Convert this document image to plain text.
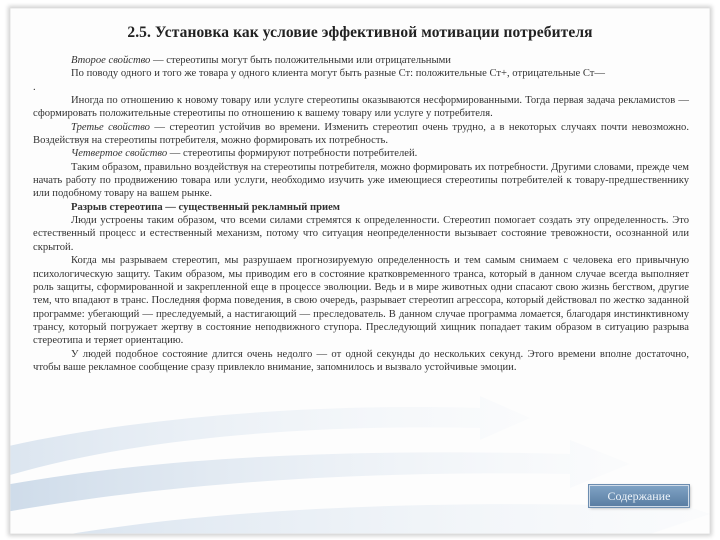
2.5. Установка как условие эффективной мотивации потребителя

Второе свойство — стереотипы могут быть положительными или отрицательными

По поводу одного и того же товара у одного клиента могут быть разные Ст: положительные Ст+, отрицательные Ст—

.

Иногда по отношению к новому товару или услуге стереотипы оказываются несформированными. Тогда первая задача рекламистов — сформировать положительные стереотипы по отношению к вашему товару или услуге у потребителя.

Третье свойство — стереотип устойчив во времени. Изменить стереотип очень трудно, а в некоторых случаях почти невозможно. Воздействуя на стереотипы потребителя, можно формировать их потребность.

Четвертое свойство — стереотипы формируют потребности потребителей.

Таким образом, правильно воздействуя на стереотипы потребителя, можно формировать их потребности. Другими словами, прежде чем начать работу по продвижению товара или услуги, необходимо изучить уже имеющиеся стереотипы потребителей к товару-предшественнику или подобному товару на вашем рынке.

Разрыв стереотипа — существенный рекламный прием

Люди устроены таким образом, что всеми силами стремятся к определенности. Стереотип помогает создать эту определенность. Это естественный процесс и естественный механизм, потому что ситуация неопределенности вызывает состояние тревожности, осознанной или скрытой.

Когда мы разрываем стереотип, мы разрушаем прогнозируемую определенность и тем самым снимаем с человека его привычную психологическую защиту. Таким образом, мы приводим его в состояние кратковременного транса, который в данном случае всегда выполняет роль защиты, сформированной и закрепленной еще в процессе эволюции. Ведь и в мире животных одни спасают свою жизнь бегством, другие тем, что впадают в транс. Последняя форма поведения, в свою очередь, разрывает стереотип агрессора, который действовал по жестко заданной программе: убегающий — преследуемый, а настигающий — преследователь. В данном случае программа ломается, благодаря инстинктивному трансу, который погружает жертву в состояние неподвижного ступора. Преследующий хищник попадает таким образом в ситуацию разрыва стереотипа и теряет ориентацию.

У людей подобное состояние длится очень недолго — от одной секунды до нескольких секунд. Этого времени вполне достаточно, чтобы ваше рекламное сообщение сразу привлекло внимание, запомнилось и вызвало устойчивые эмоции.

Содержание
